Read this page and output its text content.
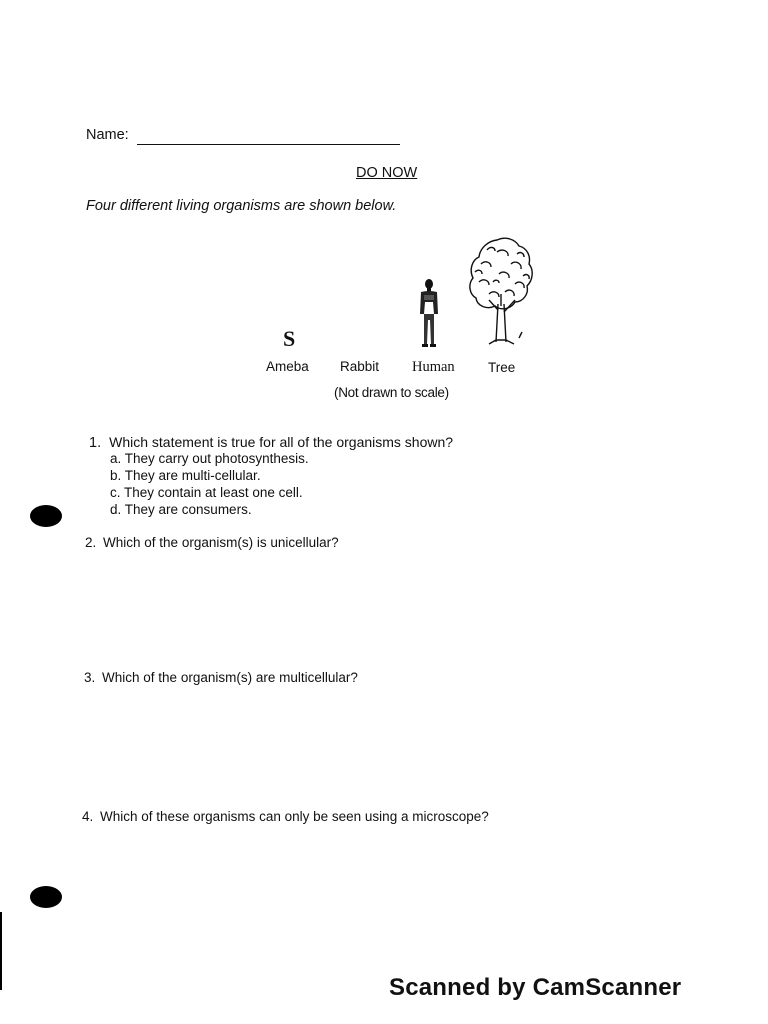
Name:
DO NOW
Four different living organisms are shown below.
S
Ameba Rabbit Human Tree
(Not drawn to scale)
1. Which statement is true for all of the organisms shown?
a. They carry out photosynthesis.
b. They are multi-cellular.
c. They contain at least one cell.
d. They are consumers.
2. Which of the organism(s) is unicellular?
3. Which of the organism(s) are multicellular?
4. Which of these organisms can only be seen using a microscope?
Scanned by CamScanner
